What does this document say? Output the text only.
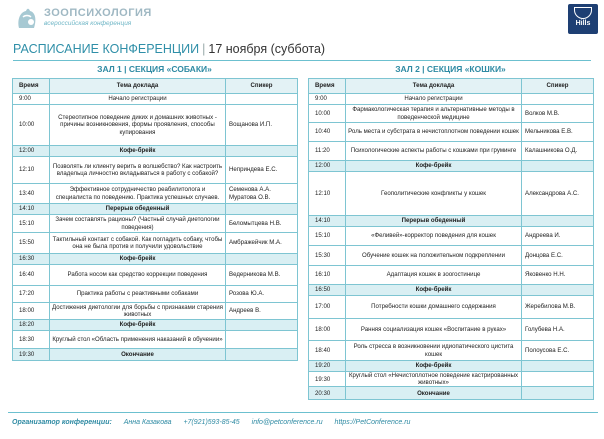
ЗООПСИХОЛОГИЯ
всероссийская конференция	Hills
РАСПИСАНИЕ КОНФЕРЕНЦИИ | 17 ноября (суббота)
ЗАЛ 1 | СЕКЦИЯ «СОБАКИ»	ЗАЛ 2 | СЕКЦИЯ «КОШКИ»
Время	Тема доклада	Спикер
9:00	Начало регистрации	
10:00	Стереотипное поведение диких и домашних животных - причины возникновения, формы проявления, способы купирования	Вощанова И.П.
12:00	Кофе-брейк	
12:10	Позволять ли клиенту верить в волшебство? Как настроить владельца личностно вкладываться в работу с собакой?	Неприндева Е.С.
13:40	Эффективное сотрудничество реабилитолога и специалиста по поведению. Практика успешных случаев.	Семенова А.А. Муратова О.В.
14:10	Перерыв обеденный	
15:10	Зачем составлять рационы? (Частный случай диетологии поведения)	Беломытцева Н.В.
15:50	Тактильный контакт с собакой. Как погладить собаку, чтобы она не была против и получили удовольствие	Амбражейчик М.А.
16:30	Кофе-брейк	
16:40	Работа носом как средство коррекции поведения	Ведерникова М.В.
17:20	Практика работы с реактивными собаками	Розова Ю.А.
18:00	Достижения диетологии для борьбы с признаками старения животных	Андреев В.
18:20	Кофе-брейк	
18:30	Круглый стол «Область применения наказаний в обучении»	
19:30	Окончание	
Время	Тема доклада	Спикер
9:00	Начало регистрации	
10:00	Фармакологическая терапия и альтернативные методы в поведенческой медицине	Волков М.В.
10:40	Роль места и субстрата в нечистоплотном поведении кошек	Мельникова Е.В.
11:20	Психологические аспекты работы с кошками при груминге	Калашникова О.Д.
12:00	Кофе-брейк	
12:10	Геополитические конфликты у кошек	Александрова А.С.
14:10	Перерыв обеденный	
15:10	«Феливей»-корректор поведения для кошек	Андреева И.
15:30	Обучение кошек на положительном подкреплении	Донцова Е.С.
16:10	Адаптация кошек в зоогостинице	Яковенко Н.Н.
16:50	Кофе-брейк	
17:00	Потребности кошки домашнего содержания	Жеребилова М.В.
18:00	Ранняя социализация кошек «Воспитание в руках»	Голубева Н.А.
18:40	Роль стресса в возникновении идиопатического цистита кошек	Полоусова Е.С.
19:20	Кофе-брейк	
19:30	Круглый стол «Нечистоплотное поведение кастрированных животных»	
20:30	Окончание	
Организатор конференции: Анна Казакова +7(921)593-85-45 info@petconference.ru https://PetConference.ru
